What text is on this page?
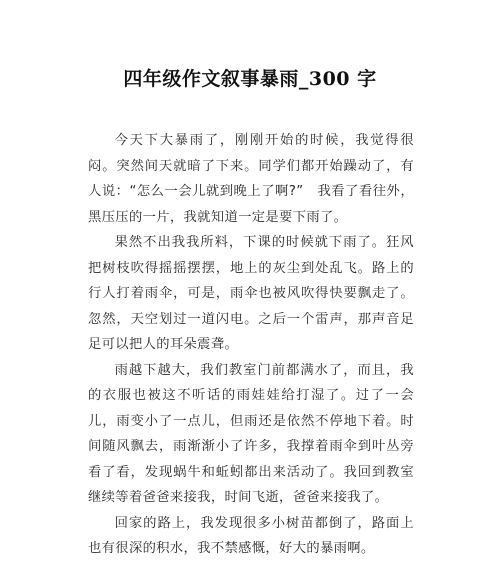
四年级作文叙事暴雨_300 字

今天下大暴雨了，刚刚开始的时候，我觉得很闷。突然间天就暗了下来。同学们都开始躁动了，有人说：“怎么一会儿就到晚上了啊?”　我看了看往外，黑压压的一片，我就知道一定是要下雨了。

果然不出我我所料，下课的时候就下雨了。狂风把树枝吹得摇摇摆摆，地上的灰尘到处乱飞。路上的行人打着雨伞，可是，雨伞也被风吹得快要飘走了。忽然，天空划过一道闪电。之后一个雷声，那声音足足可以把人的耳朵震聋。

雨越下越大，我们教室门前都满水了，而且，我的衣服也被这不听话的雨娃娃给打湿了。过了一会儿，雨变小了一点儿，但雨还是依然不停地下着。时间随风飘去，雨渐渐小了许多，我撑着雨伞到叶丛旁看了看，发现蜗牛和蚯蚓都出来活动了。我回到教室继续等着爸爸来接我，时间飞逝，爸爸来接我了。

回家的路上，我发现很多小树苗都倒了，路面上也有很深的积水，我不禁感慨，好大的暴雨啊。
